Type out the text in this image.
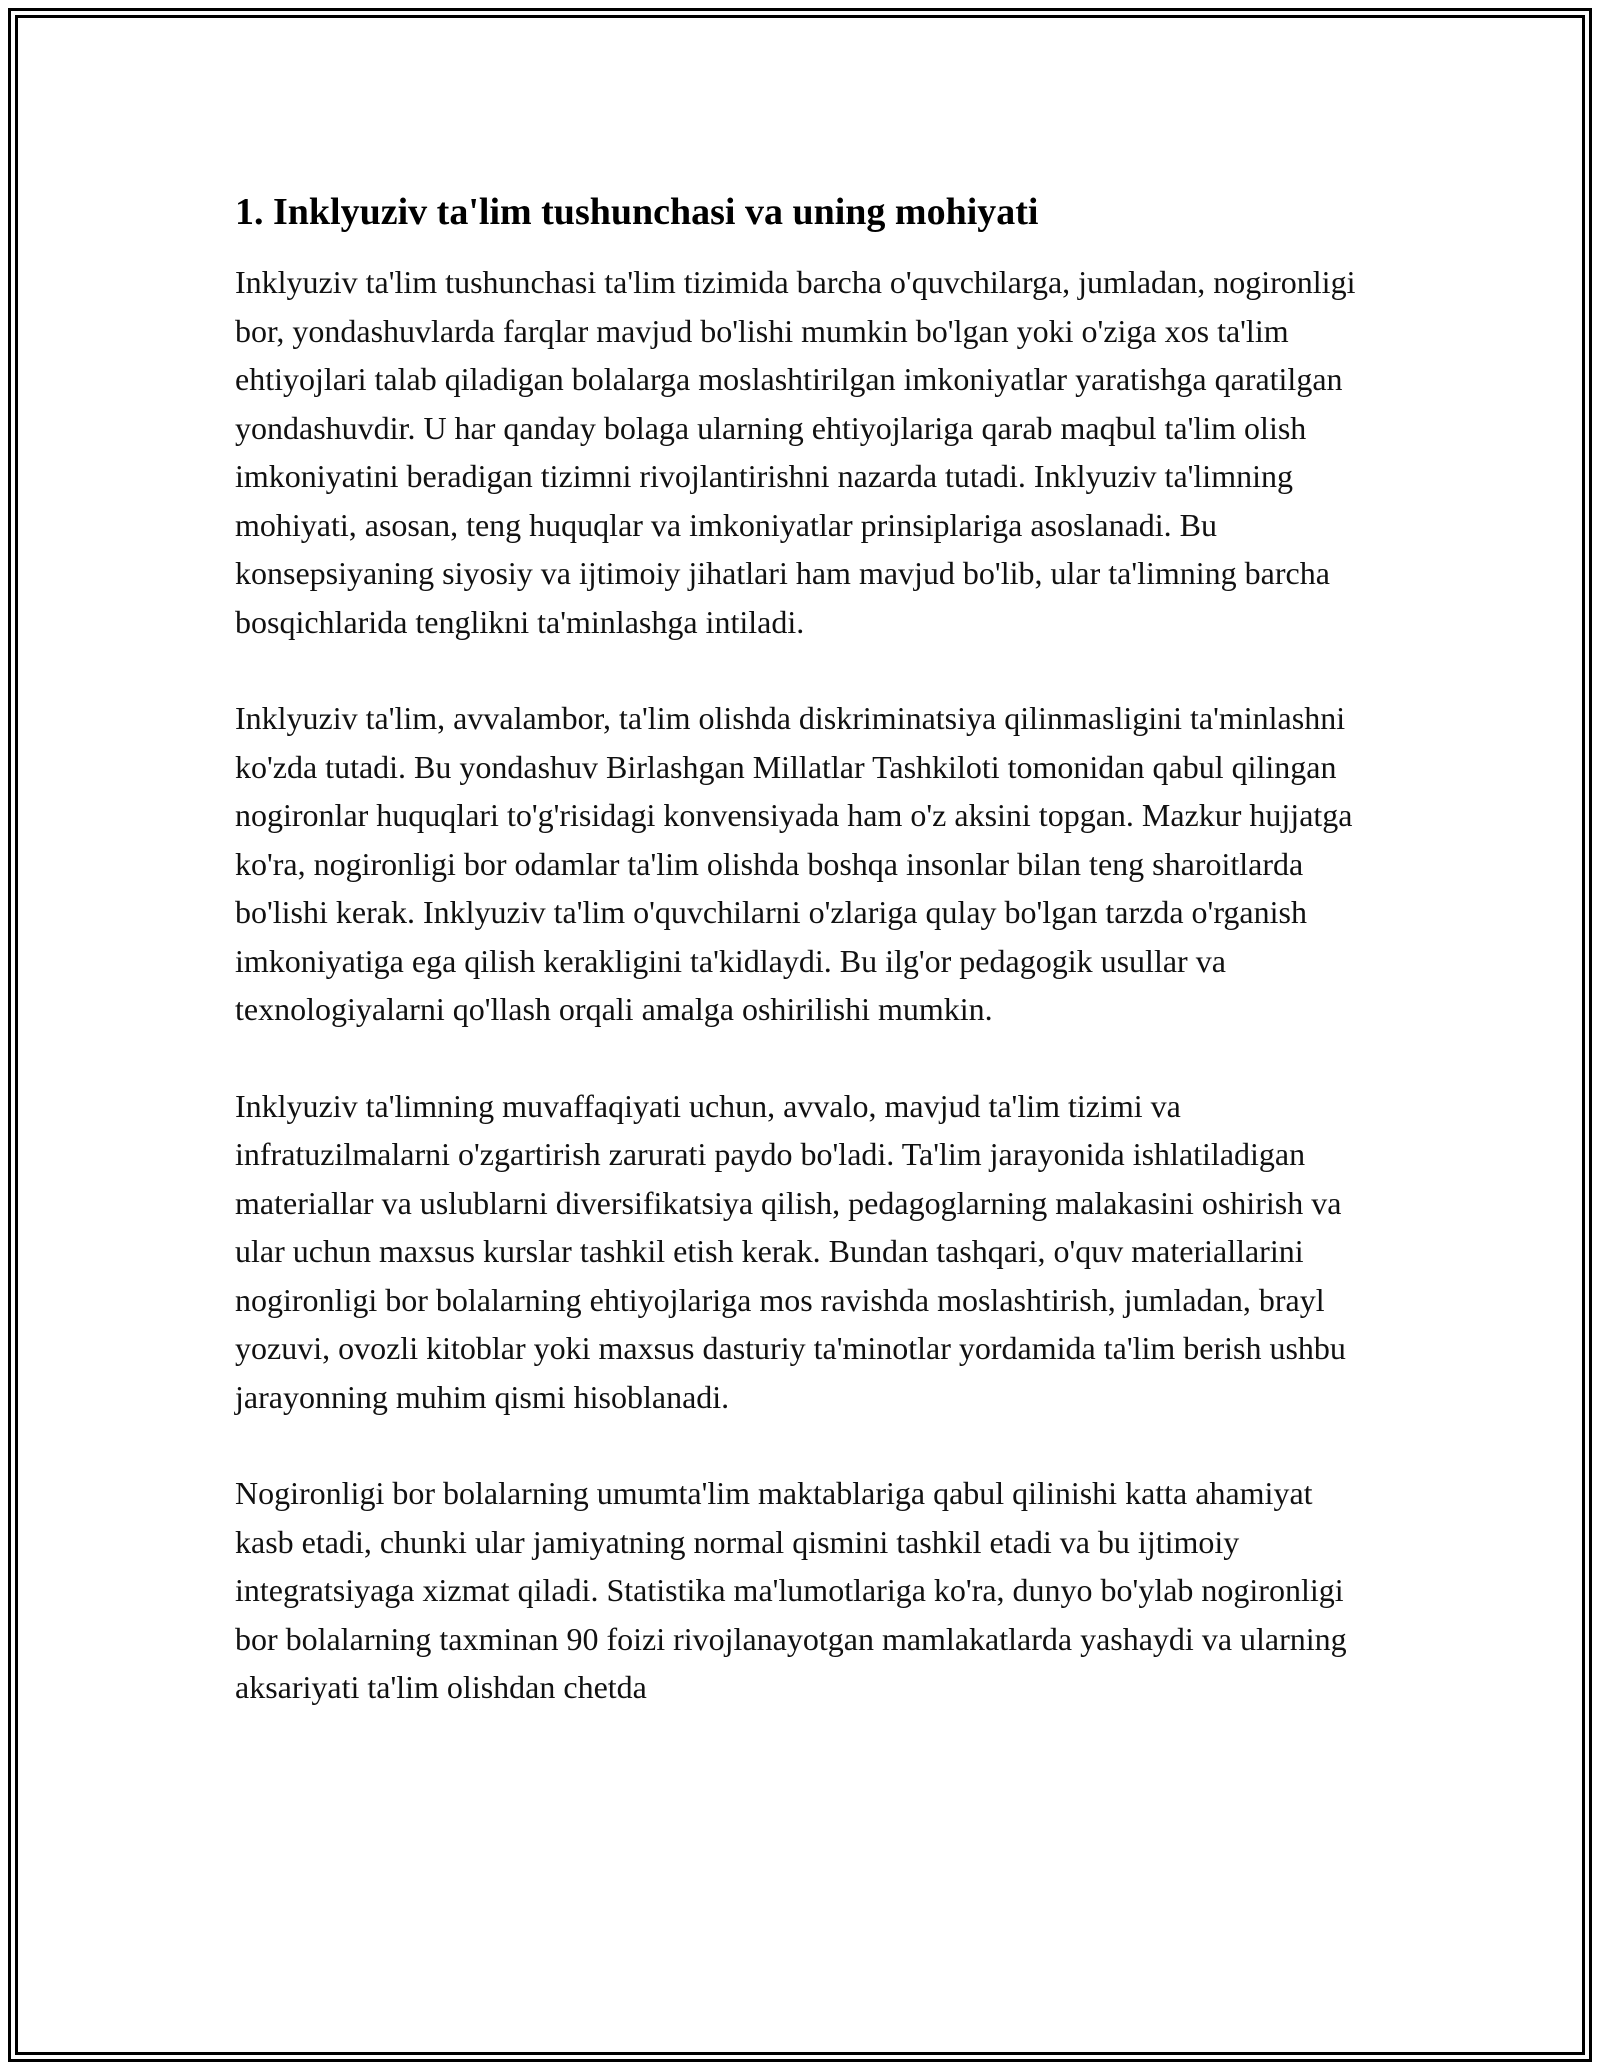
1. Inklyuziv ta'lim tushunchasi va uning mohiyati

Inklyuziv ta'lim tushunchasi ta'lim tizimida barcha o'quvchilarga, jumladan, nogironligi bor, yondashuvlarda farqlar mavjud bo'lishi mumkin bo'lgan yoki o'ziga xos ta'lim ehtiyojlari talab qiladigan bolalarga moslashtirilgan imkoniyatlar yaratishga qaratilgan yondashuvdir. U har qanday bolaga ularning ehtiyojlariga qarab maqbul ta'lim olish imkoniyatini beradigan tizimni rivojlantirishni nazarda tutadi. Inklyuziv ta'limning mohiyati, asosan, teng huquqlar va imkoniyatlar prinsiplariga asoslanadi. Bu konsepsiyaning siyosiy va ijtimoiy jihatlari ham mavjud bo'lib, ular ta'limning barcha bosqichlarida tenglikni ta'minlashga intiladi.

Inklyuziv ta'lim, avvalambor, ta'lim olishda diskriminatsiya qilinmasligini ta'minlashni ko'zda tutadi. Bu yondashuv Birlashgan Millatlar Tashkiloti tomonidan qabul qilingan nogironlar huquqlari to'g'risidagi konvensiyada ham o'z aksini topgan. Mazkur hujjatga ko'ra, nogironligi bor odamlar ta'lim olishda boshqa insonlar bilan teng sharoitlarda bo'lishi kerak. Inklyuziv ta'lim o'quvchilarni o'zlariga qulay bo'lgan tarzda o'rganish imkoniyatiga ega qilish kerakligini ta'kidlaydi. Bu ilg'or pedagogik usullar va texnologiyalarni qo'llash orqali amalga oshirilishi mumkin.

Inklyuziv ta'limning muvaffaqiyati uchun, avvalo, mavjud ta'lim tizimi va infratuzilmalarni o'zgartirish zarurati paydo bo'ladi. Ta'lim jarayonida ishlatiladigan materiallar va uslublarni diversifikatsiya qilish, pedagoglarning malakasini oshirish va ular uchun maxsus kurslar tashkil etish kerak. Bundan tashqari, o'quv materiallarini nogironligi bor bolalarning ehtiyojlariga mos ravishda moslashtirish, jumladan, brayl yozuvi, ovozli kitoblar yoki maxsus dasturiy ta'minotlar yordamida ta'lim berish ushbu jarayonning muhim qismi hisoblanadi.

Nogironligi bor bolalarning umumta'lim maktablariga qabul qilinishi katta ahamiyat kasb etadi, chunki ular jamiyatning normal qismini tashkil etadi va bu ijtimoiy integratsiyaga xizmat qiladi. Statistika ma'lumotlariga ko'ra, dunyo bo'ylab nogironligi bor bolalarning taxminan 90 foizi rivojlanayotgan mamlakatlarda yashaydi va ularning aksariyati ta'lim olishdan chetda
